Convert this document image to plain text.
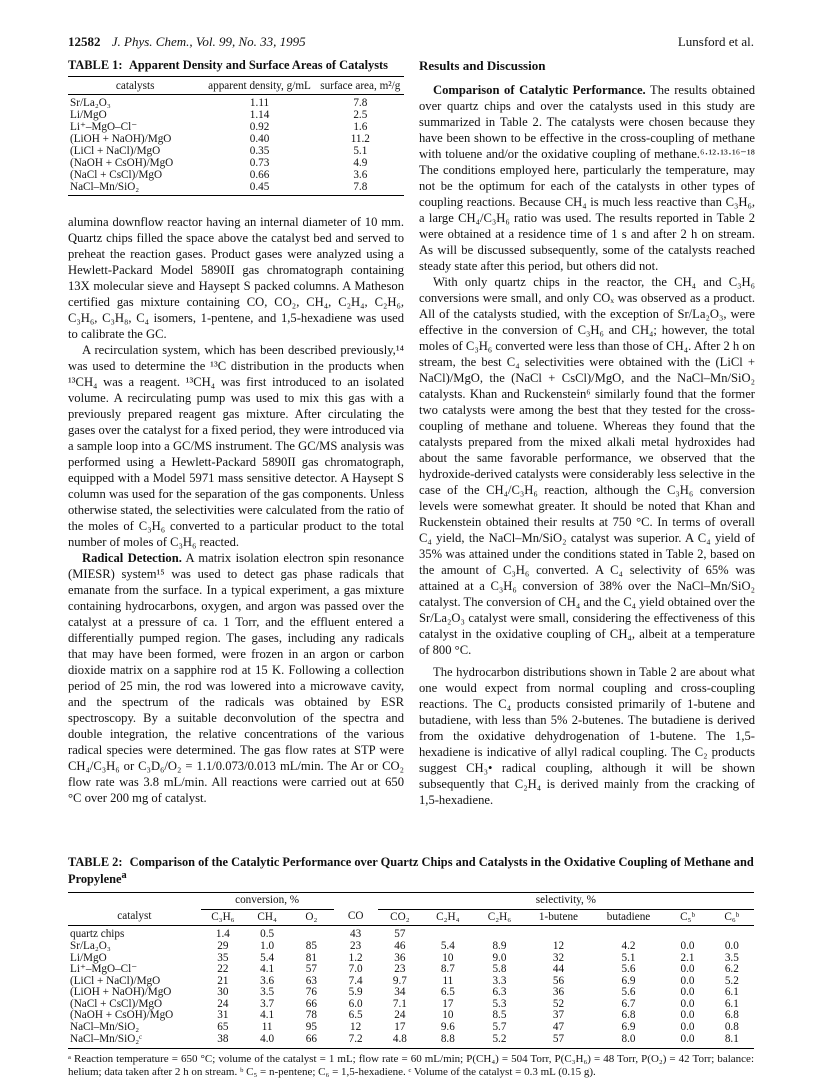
12582 J. Phys. Chem., Vol. 99, No. 33, 1995	Lunsford et al.

TABLE 1: Apparent Density and Surface Areas of Catalysts

catalysts	apparent density, g/mL	surface area, m²/g
Sr/La₂O₃	1.11	7.8
Li/MgO	1.14	2.5
Li⁺–MgO–Cl⁻	0.92	1.6
(LiOH + NaOH)/MgO	0.40	11.2
(LiCl + NaCl)/MgO	0.35	5.1
(NaOH + CsOH)/MgO	0.73	4.9
(NaCl + CsCl)/MgO	0.66	3.6
NaCl–Mn/SiO₂	0.45	7.8

alumina downflow reactor having an internal diameter of 10 mm. Quartz chips filled the space above the catalyst bed and served to preheat the reaction gases. Product gases were analyzed using a Hewlett-Packard Model 5890II gas chromatograph containing 13X molecular sieve and Haysept S packed columns. A Matheson certified gas mixture containing CO, CO₂, CH₄, C₂H₄, C₂H₆, C₃H₆, C₃H₈, C₄ isomers, 1-pentene, and 1,5-hexadiene was used to calibrate the GC.

A recirculation system, which has been described previously,¹⁴ was used to determine the ¹³C distribution in the products when ¹³CH₄ was a reagent. ¹³CH₄ was first introduced to an isolated volume. A recirculating pump was used to mix this gas with a previously prepared reagent gas mixture. After circulating the gases over the catalyst for a fixed period, they were introduced via a sample loop into a GC/MS instrument. The GC/MS analysis was performed using a Hewlett-Packard 5890II gas chromatograph, equipped with a Model 5971 mass sensitive detector. A Haysept S column was used for the separation of the gas components. Unless otherwise stated, the selectivities were calculated from the ratio of the moles of C₃H₆ converted to a particular product to the total number of moles of C₃H₆ reacted.

Radical Detection. A matrix isolation electron spin resonance (MIESR) system¹⁵ was used to detect gas phase radicals that emanate from the surface. In a typical experiment, a gas mixture containing hydrocarbons, oxygen, and argon was passed over the catalyst at a pressure of ca. 1 Torr, and the effluent entered a differentially pumped region. The gases, including any radicals that may have been formed, were frozen in an argon or carbon dioxide matrix on a sapphire rod at 15 K. Following a collection period of 25 min, the rod was lowered into a microwave cavity, and the spectrum of the radicals was obtained by ESR spectroscopy. By a suitable deconvolution of the spectra and double integration, the relative concentrations of the various radical species were determined. The gas flow rates at STP were CH₄/C₃H₆ or C₃D₆/O₂ = 1.1/0.073/0.013 mL/min. The Ar or CO₂ flow rate was 3.8 mL/min. All reactions were carried out at 650 °C over 200 mg of catalyst.

Results and Discussion

Comparison of Catalytic Performance. The results obtained over quartz chips and over the catalysts used in this study are summarized in Table 2. The catalysts were chosen because they have been shown to be effective in the cross-coupling of methane with toluene and/or the oxidative coupling of methane.⁶·¹²·¹³·¹⁶⁻¹⁸ The conditions employed here, particularly the temperature, may not be the optimum for each of the catalysts in other types of coupling reactions. Because CH₄ is much less reactive than C₃H₆, a large CH₄/C₃H₆ ratio was used. The results reported in Table 2 were obtained at a residence time of 1 s and after 2 h on stream. As will be discussed subsequently, some of the catalysts reached steady state after this period, but others did not.

With only quartz chips in the reactor, the CH₄ and C₃H₆ conversions were small, and only COₓ was observed as a product. All of the catalysts studied, with the exception of Sr/La₂O₃, were effective in the conversion of C₃H₆ and CH₄; however, the total moles of C₃H₆ converted were less than those of CH₄. After 2 h on stream, the best C₄ selectivities were obtained with the (LiCl + NaCl)/MgO, the (NaCl + CsCl)/MgO, and the NaCl–Mn/SiO₂ catalysts. Khan and Ruckenstein⁶ similarly found that the former two catalysts were among the best that they tested for the cross-coupling of methane and toluene. Whereas they found that the catalysts prepared from the mixed alkali metal hydroxides had about the same favorable performance, we observed that the hydroxide-derived catalysts were considerably less selective in the case of the CH₄/C₃H₆ reaction, although the C₃H₆ conversion levels were somewhat greater. It should be noted that Khan and Ruckenstein obtained their results at 750 °C. In terms of overall C₄ yield, the NaCl–Mn/SiO₂ catalyst was superior. A C₄ yield of 35% was attained under the conditions stated in Table 2, based on the amount of C₃H₆ converted. A C₄ selectivity of 65% was attained at a C₃H₆ conversion of 38% over the NaCl–Mn/SiO₂ catalyst. The conversion of CH₄ and the C₄ yield obtained over the Sr/La₂O₃ catalyst were small, considering the effectiveness of this catalyst in the oxidative coupling of CH₄, albeit at a temperature of 800 °C.

The hydrocarbon distributions shown in Table 2 are about what one would expect from normal coupling and cross-coupling reactions. The C₄ products consisted primarily of 1-butene and butadiene, with less than 5% 2-butenes. The butadiene is derived from the oxidative dehydrogenation of 1-butene. The 1,5-hexadiene is indicative of allyl radical coupling. The C₂ products suggest CH₃• radical coupling, although it will be shown subsequently that C₂H₄ is derived mainly from the cracking of 1,5-hexadiene.

TABLE 2: Comparison of the Catalytic Performance over Quartz Chips and Catalysts in the Oxidative Coupling of Methane and Propylene$^a$

	conversion, %				selectivity, %						
catalyst	C₃H₆	CH₄	O₂	CO	CO₂	C₂H₄	C₂H₆	1-butene	butadiene	C₅ᵇ	C₆ᵇ
quartz chips	1.4	0.5		43	57						
Sr/La₂O₃	29	1.0	85	23	46	5.4	8.9	12	4.2	0.0	0.0
Li/MgO	35	5.4	81	1.2	36	10	9.0	32	5.1	2.1	3.5
Li⁺–MgO–Cl⁻	22	4.1	57	7.0	23	8.7	5.8	44	5.6	0.0	6.2
(LiCl + NaCl)/MgO	21	3.6	63	7.4	9.7	11	3.3	56	6.9	0.0	5.2
(LiOH + NaOH)/MgO	30	3.5	76	5.9	34	6.5	6.3	36	5.6	0.0	6.1
(NaCl + CsCl)/MgO	24	3.7	66	6.0	7.1	17	5.3	52	6.7	0.0	6.1
(NaOH + CsOH)/MgO	31	4.1	78	6.5	24	10	8.5	37	6.8	0.0	6.8
NaCl–Mn/SiO₂	65	11	95	12	17	9.6	5.7	47	6.9	0.0	0.8
NaCl–Mn/SiO₂ᶜ	38	4.0	66	7.2	4.8	8.8	5.2	57	8.0	0.0	8.1
ᵃ Reaction temperature = 650 °C; volume of the catalyst = 1 mL; flow rate = 60 mL/min; P(CH₄) = 504 Torr, P(C₃H₆) = 48 Torr, P(O₂) = 42 Torr; balance: helium; data taken after 2 h on stream. ᵇ C₅ = n-pentene; C₆ = 1,5-hexadiene. ᶜ Volume of the catalyst = 0.3 mL (0.15 g).
